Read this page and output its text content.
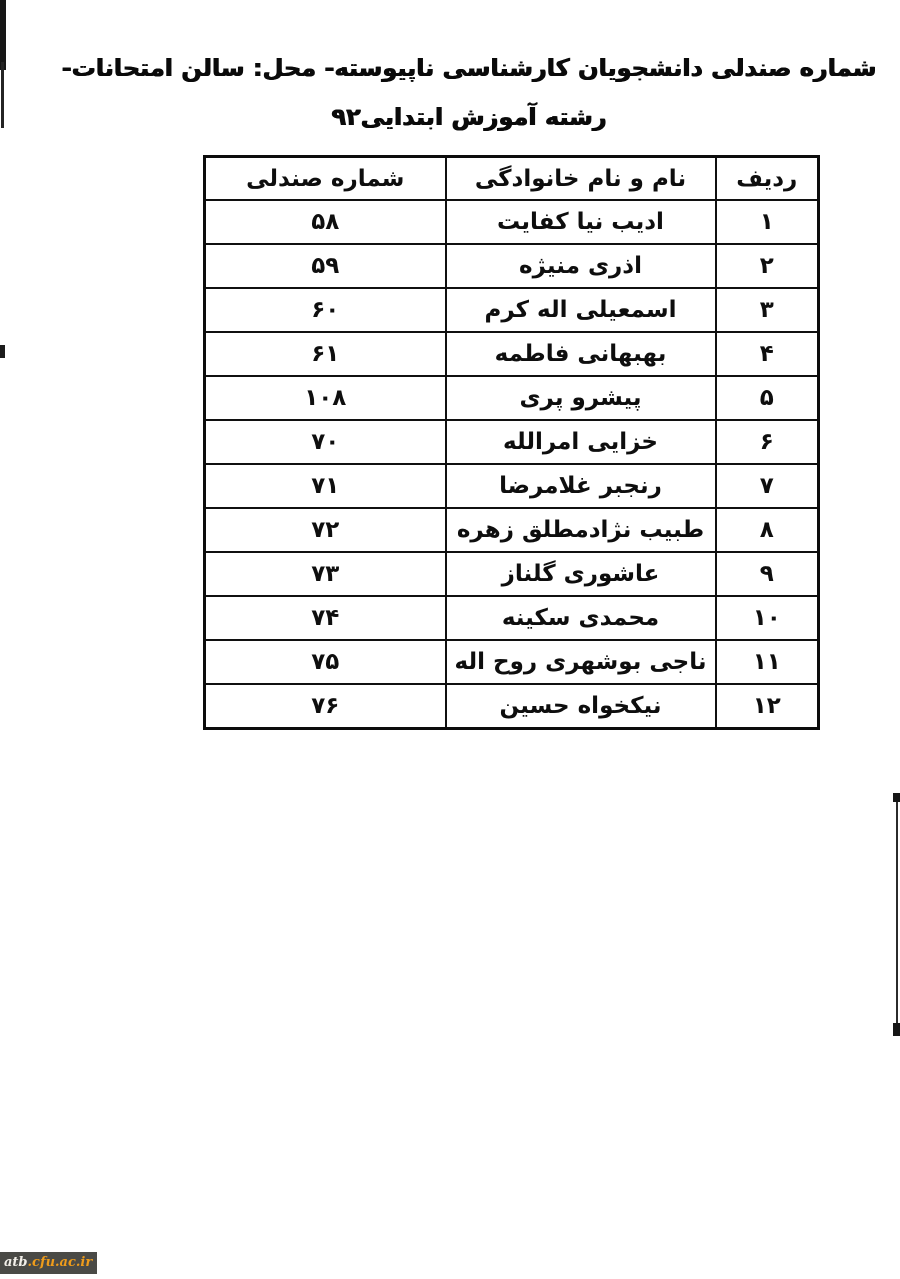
شماره صندلی دانشجویان کارشناسی ناپیوسته- محل: سالن امتحانات-
رشته آموزش ابتدایی۹۲
ردیف	نام و نام خانوادگی	شماره صندلی
۱	ادیب نیا کفایت	۵۸
۲	اذری منیژه	۵۹
۳	اسمعیلی اله کرم	۶۰
۴	بهبهانی فاطمه	۶۱
۵	پیشرو پری	۱۰۸
۶	خزایی امرالله	۷۰
۷	رنجبر غلامرضا	۷۱
۸	طبیب نژادمطلق زهره	۷۲
۹	عاشوری گلناز	۷۳
۱۰	محمدی سکینه	۷۴
۱۱	ناجی بوشهری روح اله	۷۵
۱۲	نیکخواه حسین	۷۶
atb .cfu.ac.ir
